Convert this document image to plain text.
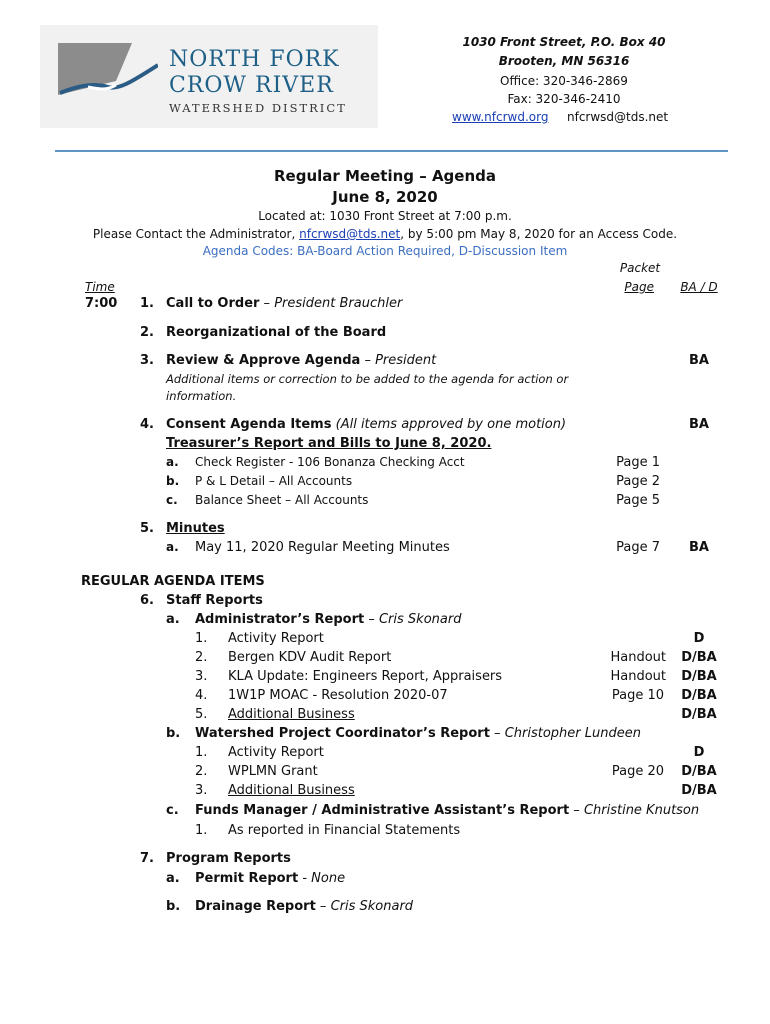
NORTH FORK
CROW RIVER
WATERSHED DISTRICT
1030 Front Street, P.O. Box 40
Brooten, MN 56316
Office: 320-346-2869
Fax: 320-346-2410
www.nfcrwd.org nfcrwsd@tds.net
Regular Meeting – Agenda
June 8, 2020
Located at: 1030 Front Street at 7:00 p.m.
Please Contact the Administrator, nfcrwsd@tds.net, by 5:00 pm May 8, 2020 for an Access Code.
Agenda Codes: BA-Board Action Required, D-Discussion Item
Packet
Page	BA / D
Time
7:00 1. Call to Order – President Brauchler
2. Reorganizational of the Board
3. Review & Approve Agenda – President	BA
Additional items or correction to be added to the agenda for action or
information.
4. Consent Agenda Items (All items approved by one motion)	BA
Treasurer’s Report and Bills to June 8, 2020.
a. Check Register - 106 Bonanza Checking Acct	Page 1
b. P & L Detail – All Accounts	Page 2
c. Balance Sheet – All Accounts	Page 5
5. Minutes
a. May 11, 2020 Regular Meeting Minutes	Page 7	BA
REGULAR AGENDA ITEMS
6. Staff Reports
a. Administrator’s Report – Cris Skonard
1. Activity Report	D
2. Bergen KDV Audit Report	Handout	D/BA
3. KLA Update: Engineers Report, Appraisers	Handout	D/BA
4. 1W1P MOAC - Resolution 2020-07	Page 10	D/BA
5. Additional Business	D/BA
b. Watershed Project Coordinator’s Report – Christopher Lundeen
1. Activity Report	D
2. WPLMN Grant	Page 20	D/BA
3. Additional Business	D/BA
c. Funds Manager / Administrative Assistant’s Report – Christine Knutson
1. As reported in Financial Statements
7. Program Reports
a. Permit Report - None
b. Drainage Report – Cris Skonard
